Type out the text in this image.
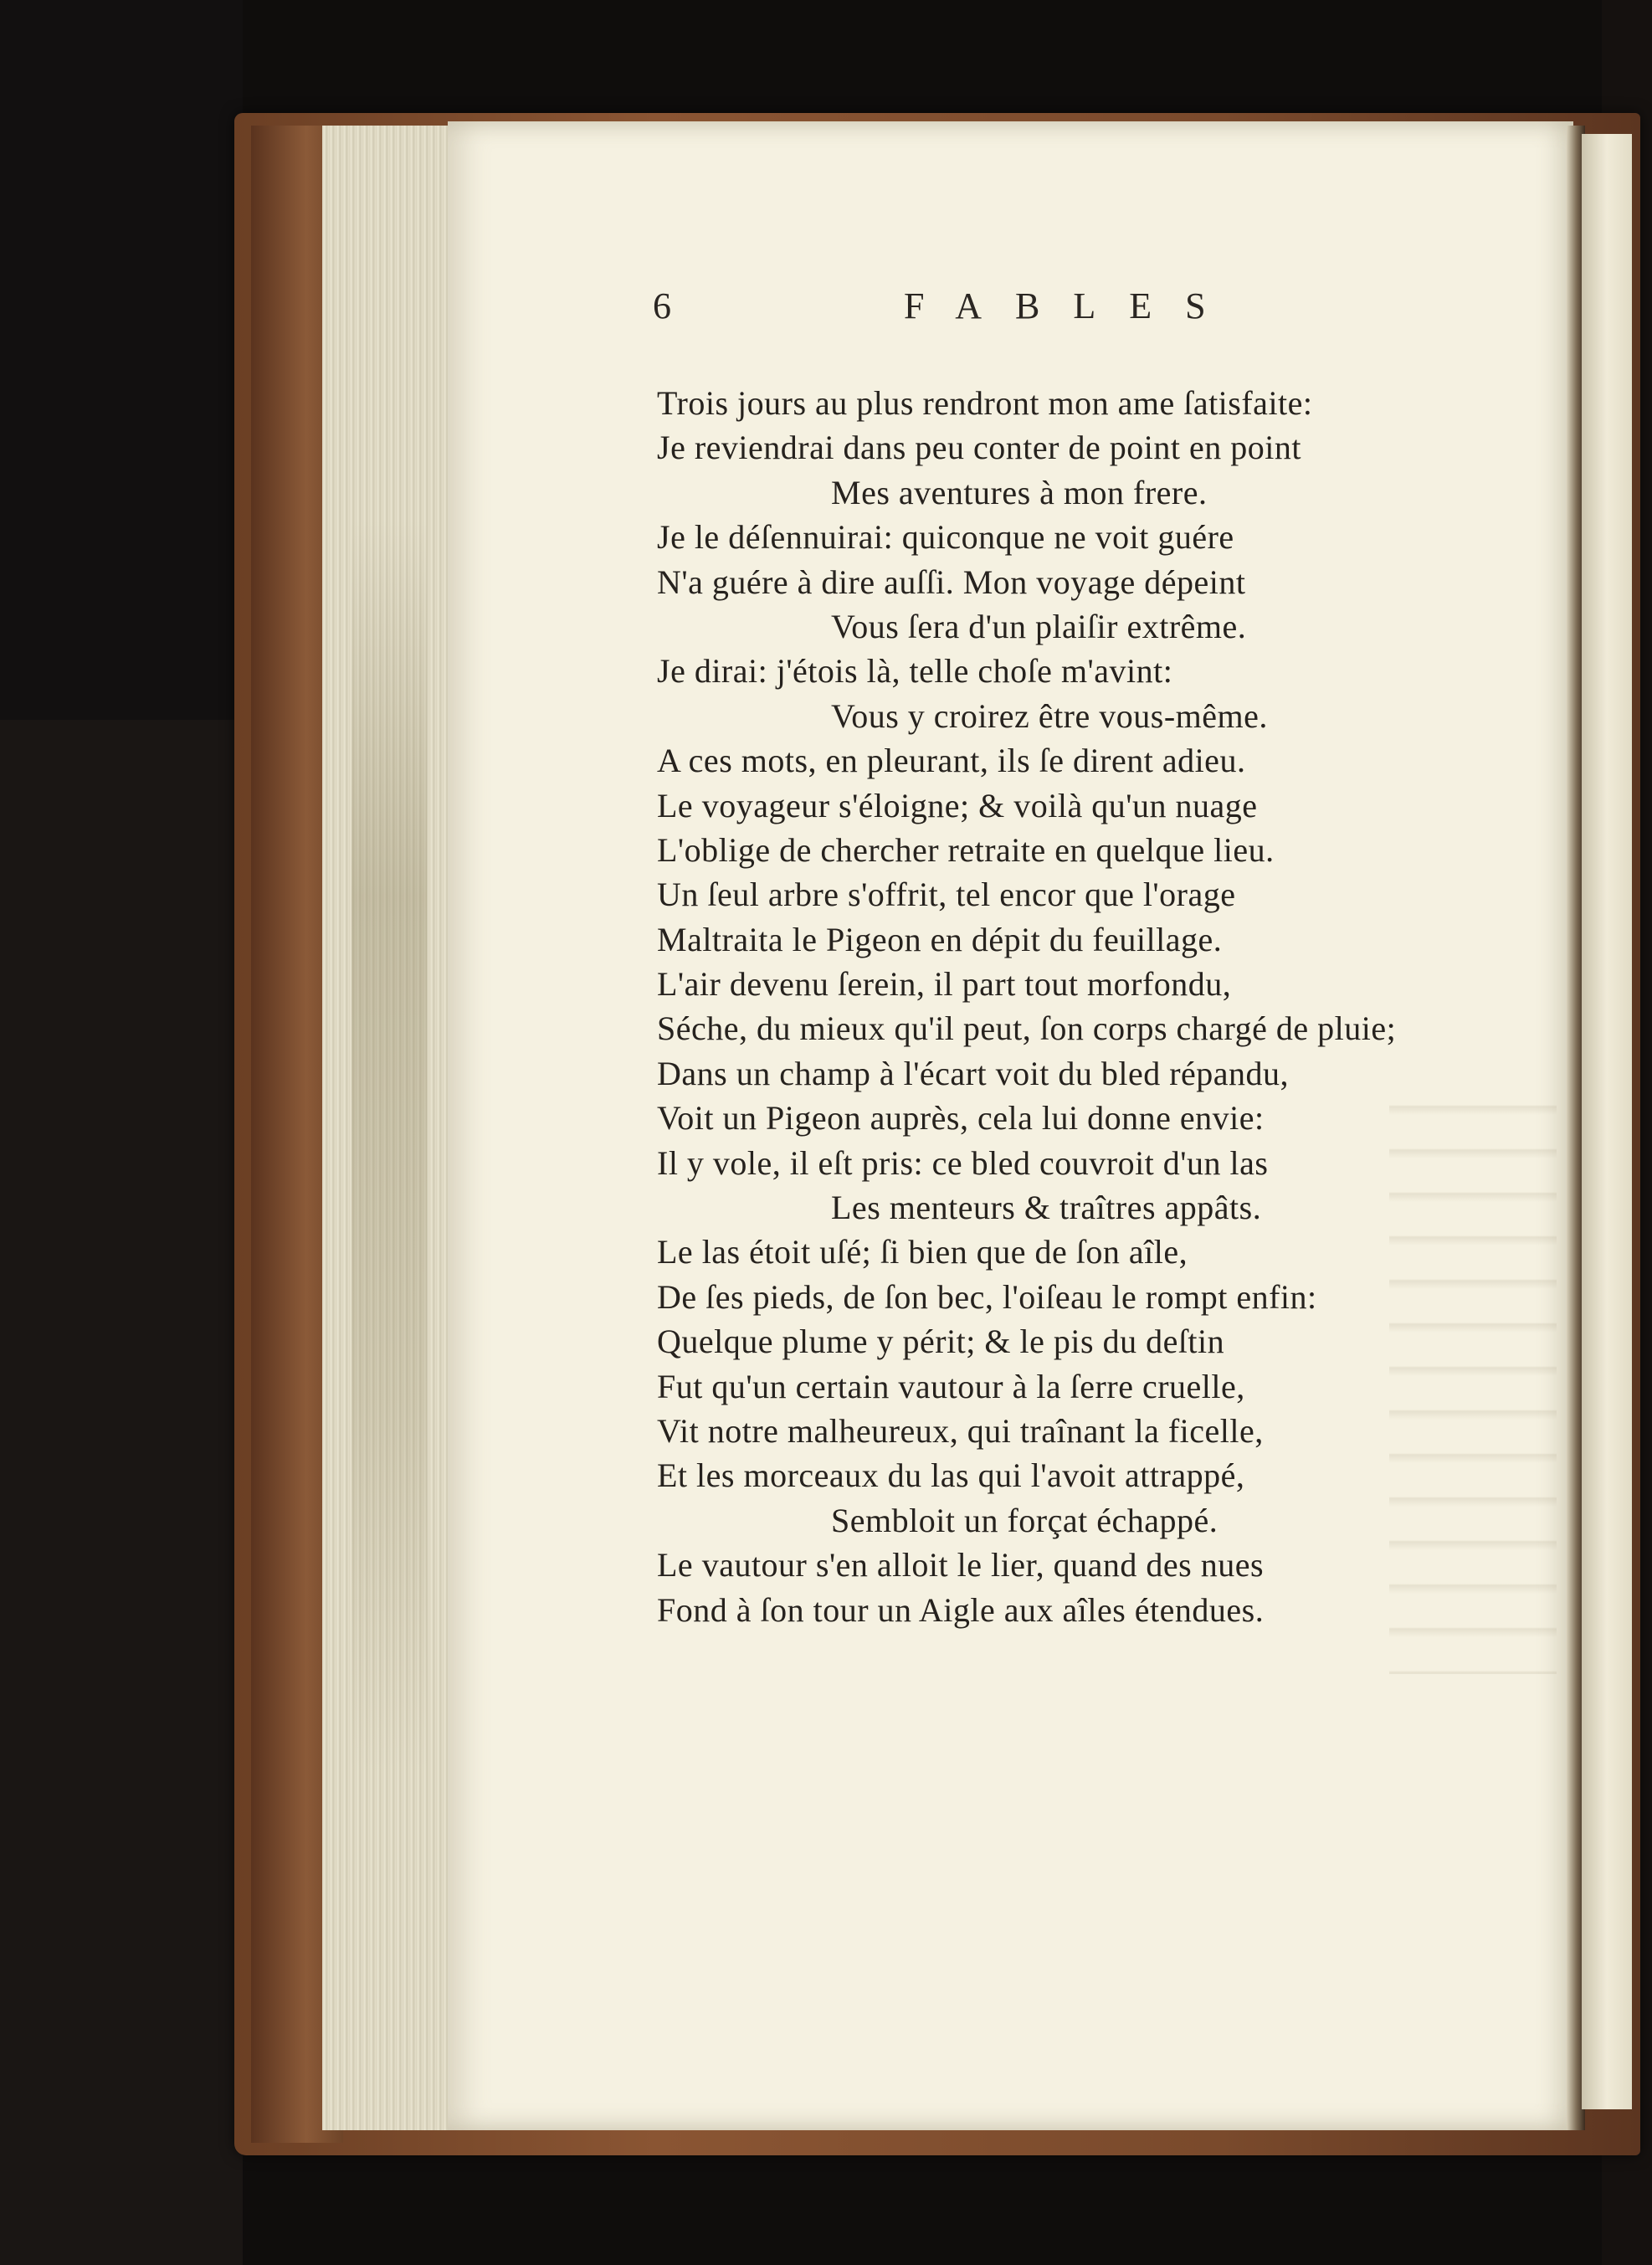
6	FABLES
Trois jours au plus rendront mon ame ſatisfaite:
Je reviendrai dans peu conter de point en point
Mes aventures à mon frere.
Je le déſennuirai: quiconque ne voit guére
N'a guére à dire auſſi. Mon voyage dépeint
Vous ſera d'un plaiſir extrême.
Je dirai: j'étois là, telle choſe m'avint:
Vous y croirez être vous-même.
A ces mots, en pleurant, ils ſe dirent adieu.
Le voyageur s'éloigne; & voilà qu'un nuage
L'oblige de chercher retraite en quelque lieu.
Un ſeul arbre s'offrit, tel encor que l'orage
Maltraita le Pigeon en dépit du feuillage.
L'air devenu ſerein, il part tout morfondu,
Séche, du mieux qu'il peut, ſon corps chargé de pluie;
Dans un champ à l'écart voit du bled répandu,
Voit un Pigeon auprès, cela lui donne envie:
Il y vole, il eſt pris: ce bled couvroit d'un las
Les menteurs & traîtres appâts.
Le las étoit uſé; ſi bien que de ſon aîle,
De ſes pieds, de ſon bec, l'oiſeau le rompt enfin:
Quelque plume y périt; & le pis du deſtin
Fut qu'un certain vautour à la ſerre cruelle,
Vit notre malheureux, qui traînant la ficelle,
Et les morceaux du las qui l'avoit attrappé,
Sembloit un forçat échappé.
Le vautour s'en alloit le lier, quand des nues
Fond à ſon tour un Aigle aux aîles étendues.
